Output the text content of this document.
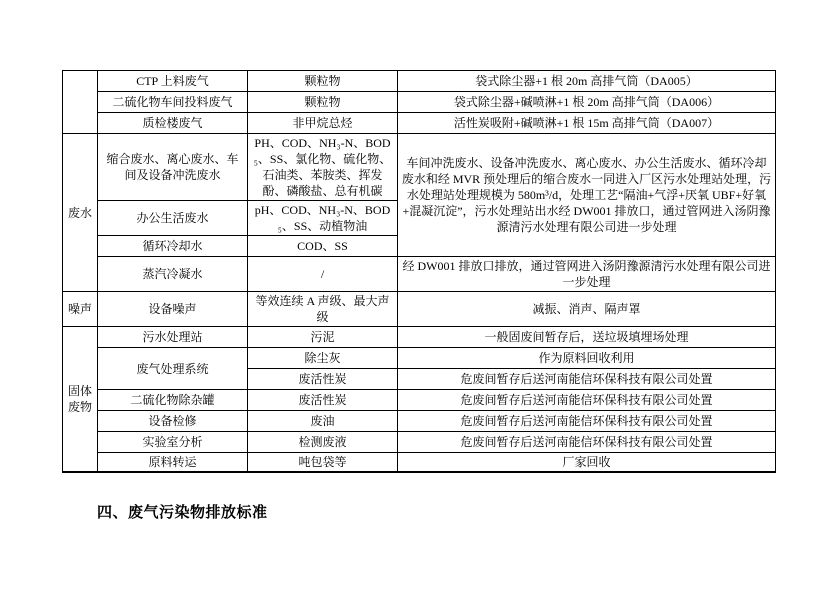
	CTP 上料废气	颗粒物	袋式除尘器+1 根 20m 高排气筒（DA005）
	二硫化物车间投料废气	颗粒物	袋式除尘器+碱喷淋+1 根 20m 高排气筒（DA006）
	质检楼废气	非甲烷总烃	活性炭吸附+碱喷淋+1 根 15m 高排气筒（DA007）
废水	缩合废水、离心废水、车间及设备冲洗废水	PH、COD、NH₃-N、BOD₅、SS、氯化物、硫化物、石油类、苯胺类、挥发酚、磷酸盐、总有机碳	车间冲洗废水、设备冲洗废水、离心废水、办公生活废水、循环冷却废水和经 MVR 预处理后的缩合废水一同进入厂区污水处理站处理，污水处理站处理规模为 580m³/d，处理工艺“隔油+气浮+厌氧 UBF+好氧+混凝沉淀”，污水处理站出水经 DW001 排放口，通过管网进入汤阴豫源清污水处理有限公司进一步处理
	办公生活废水	pH、COD、NH₃-N、BOD₅、SS、动植物油	
	循环冷却水	COD、SS	
	蒸汽冷凝水	/	经 DW001 排放口排放，通过管网进入汤阴豫源清污水处理有限公司进一步处理
噪声	设备噪声	等效连续 A 声级、最大声级	减振、消声、隔声罩
固体废物	污水处理站	污泥	一般固废间暂存后，送垃圾填埋场处理
	废气处理系统	除尘灰	作为原料回收利用
		废活性炭	危废间暂存后送河南能信环保科技有限公司处置
	二硫化物除杂罐	废活性炭	危废间暂存后送河南能信环保科技有限公司处置
	设备检修	废油	危废间暂存后送河南能信环保科技有限公司处置
	实验室分析	检测废液	危废间暂存后送河南能信环保科技有限公司处置
	原料转运	吨包袋等	厂家回收
四、废气污染物排放标准
